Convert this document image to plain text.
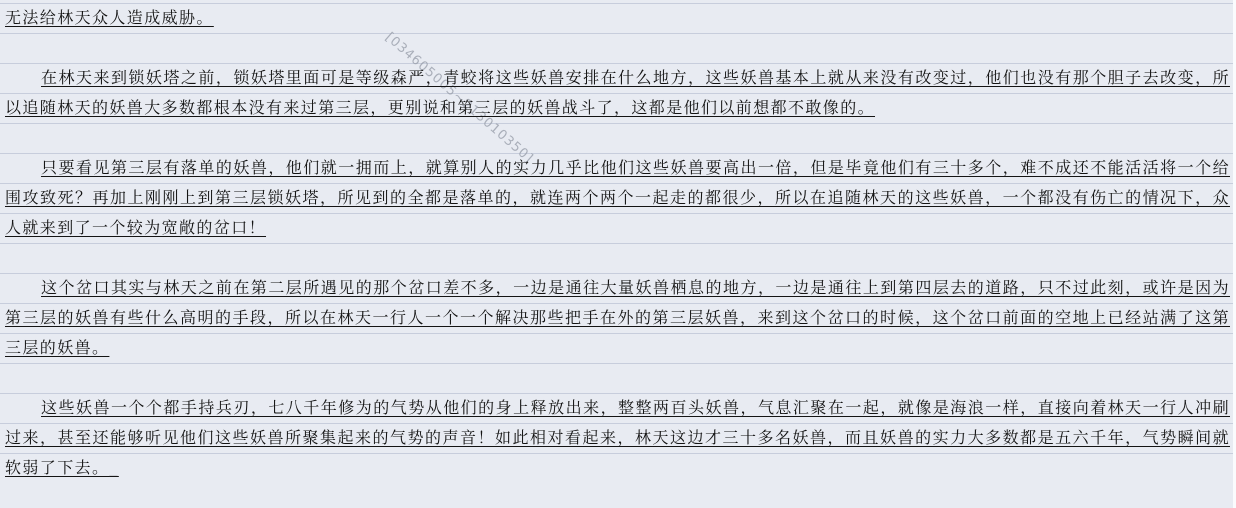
[034605005~213010350]

无法给林天众人造成威胁。

在林天来到锁妖塔之前，锁妖塔里面可是等级森严，青蛟将这些妖兽安排在什么地方，这些妖兽基本上就从来没有改变过，他们也没有那个胆子去改变，所以追随林天的妖兽大多数都根本没有来过第三层，更别说和第三层的妖兽战斗了，这都是他们以前想都不敢像的。

只要看见第三层有落单的妖兽，他们就一拥而上，就算别人的实力几乎比他们这些妖兽要高出一倍，但是毕竟他们有三十多个，难不成还不能活活将一个给围攻致死？再加上刚刚上到第三层锁妖塔，所见到的全都是落单的，就连两个两个一起走的都很少，所以在追随林天的这些妖兽，一个都没有伤亡的情况下，众人就来到了一个较为宽敞的岔口！

这个岔口其实与林天之前在第二层所遇见的那个岔口差不多，一边是通往大量妖兽栖息的地方，一边是通往上到第四层去的道路，只不过此刻，或许是因为第三层的妖兽有些什么高明的手段，所以在林天一行人一个一个解决那些把手在外的第三层妖兽，来到这个岔口的时候，这个岔口前面的空地上已经站满了这第三层的妖兽。

这些妖兽一个个都手持兵刃，七八千年修为的气势从他们的身上释放出来，整整两百头妖兽，气息汇聚在一起，就像是海浪一样，直接向着林天一行人冲刷过来，甚至还能够听见他们这些妖兽所聚集起来的气势的声音！如此相对看起来，林天这边才三十多名妖兽，而且妖兽的实力大多数都是五六千年，气势瞬间就软弱了下去。_
